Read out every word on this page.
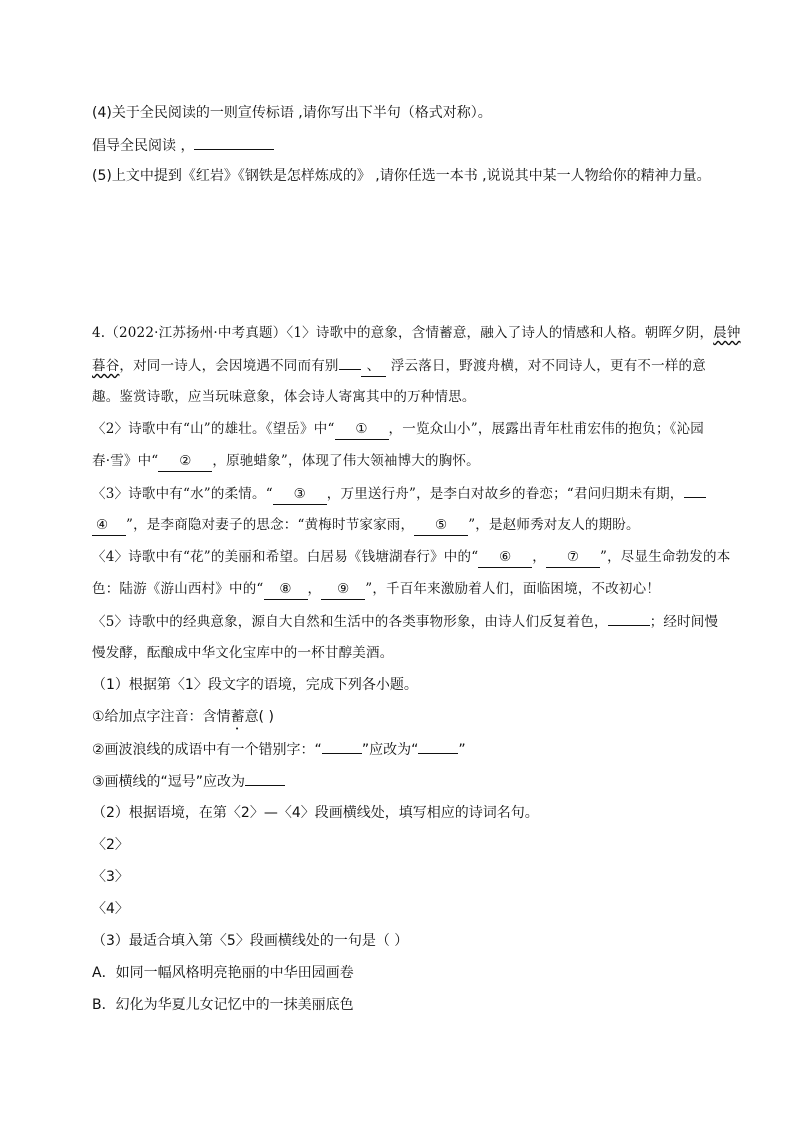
(4)关于全民阅读的一则宣传标语 ,请你写出下半句（格式对称）。
倡导全民阅读 ，
(5)上文中提到《红岩》《钢铁是怎样炼成的》 ,请你任选一本书 ,说说其中某一人物给你的精神力量。
4.（2022·江苏扬州·中考真题）〈1〉诗歌中的意象，含情蓄意，融入了诗人的情感和人格。朝晖夕阴，晨钟
暮谷，对同一诗人，会因境遇不同而有别 、 浮云落日，野渡舟横，对不同诗人，更有不一样的意
趣。鉴赏诗歌，应当玩味意象，体会诗人寄寓其中的万种情思。
〈2〉诗歌中有“山”的雄壮。《望岳》中“ ① ，一览众山小”，展露出青年杜甫宏伟的抱负；《沁园
春·雪》中“ ② ，原驰蜡象”，体现了伟大领袖博大的胸怀。
〈3〉诗歌中有“水”的柔情。“ ③ ，万里送行舟”，是李白对故乡的眷恋；“君问归期未有期，
④ ”，是李商隐对妻子的思念：“黄梅时节家家雨， ⑤ ”，是赵师秀对友人的期盼。
〈4〉诗歌中有“花”的美丽和希望。白居易《钱塘湖春行》中的“ ⑥ ， ⑦ ”，尽显生命勃发的本
色：陆游《游山西村》中的“ ⑧ ， ⑨ ”，千百年来激励着人们，面临困境，不改初心！
〈5〉诗歌中的经典意象，源自大自然和生活中的各类事物形象，由诗人们反复着色，	；经时间慢
慢发酵，酝酿成中华文化宝库中的一杯甘醇美酒。
（1）根据第〈1〉段文字的语境，完成下列各小题。
①给加点字注音：含情蓄意( )
②画波浪线的成语中有一个错别字：“	”应改为“	”
③画横线的“逗号”应改为
（2）根据语境，在第〈2〉—〈4〉段画横线处，填写相应的诗词名句。
〈2〉
〈3〉
〈4〉
（3）最适合填入第〈5〉段画横线处的一句是（ ）
A．如同一幅风格明亮艳丽的中华田园画卷
B．幻化为华夏儿女记忆中的一抹美丽底色
